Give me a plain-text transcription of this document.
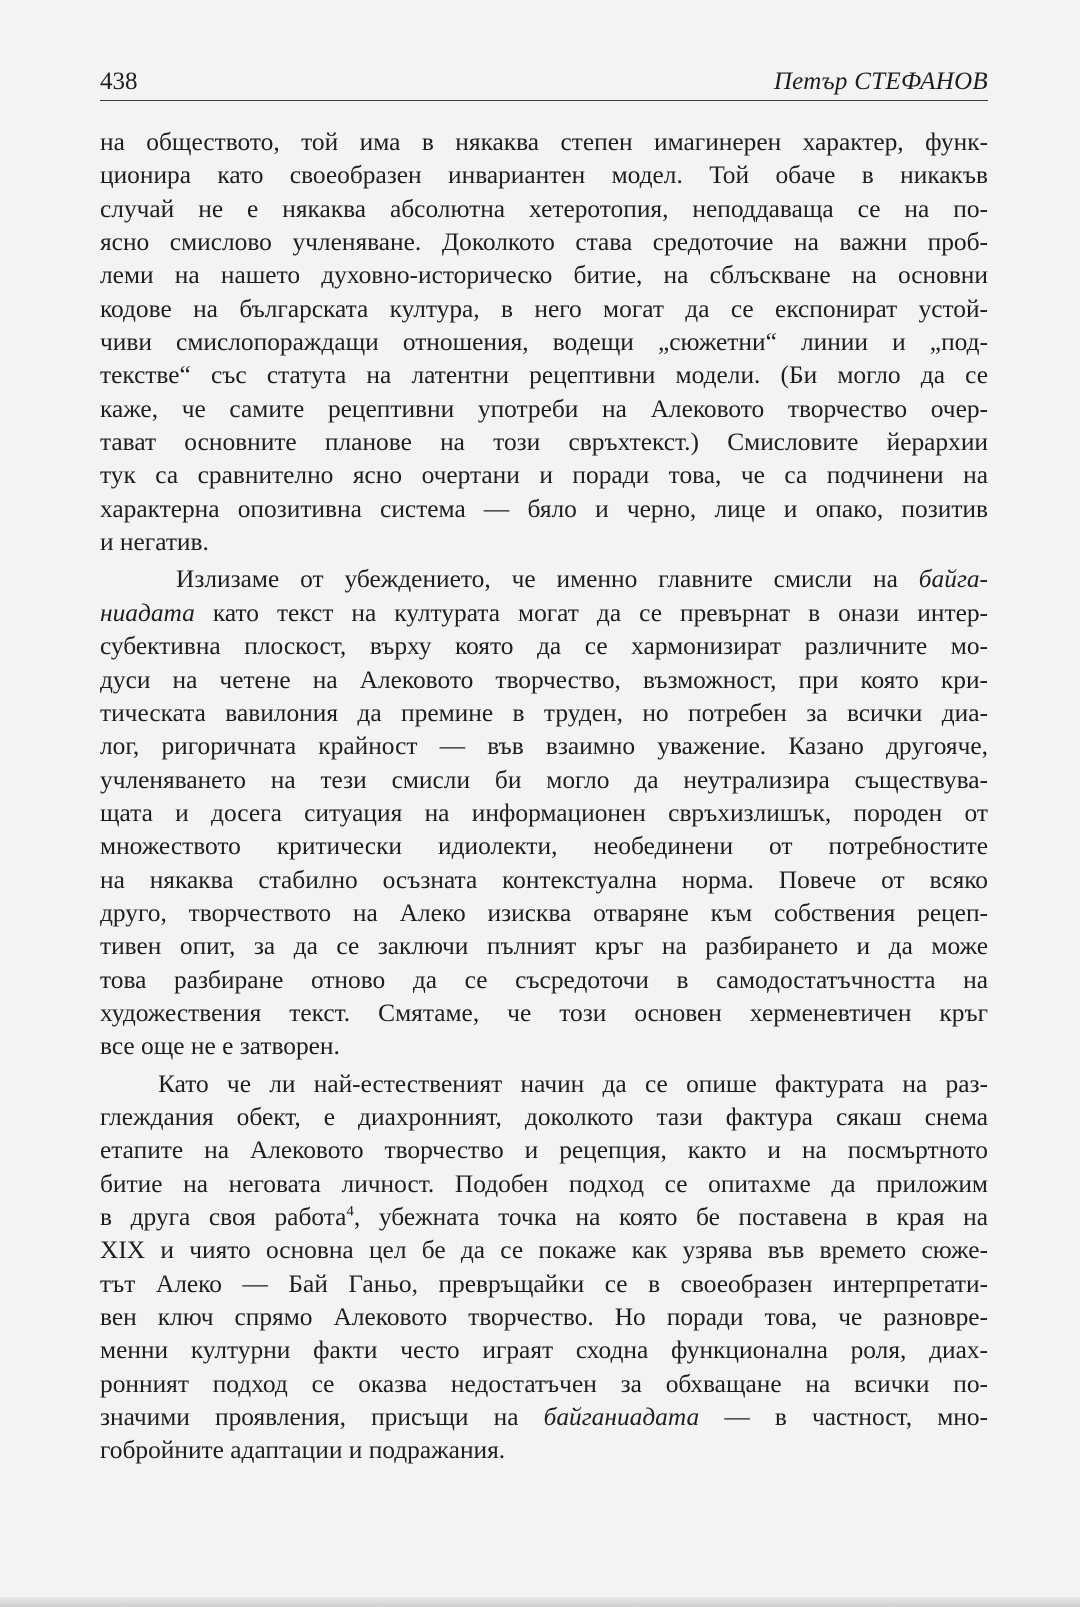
438	Петър СТЕФАНОВ
на обществото, той има в някаква степен имагинерен характер, функ-
ционира като своеобразен инвариантен модел. Той обаче в никакъв
случай не е някаква абсолютна хетеротопия, неподдаваща се на по-
ясно смислово учленяване. Доколкото става средоточие на важни проб-
леми на нашето духовно-историческо битие, на сблъскване на основни
кодове на българската култура, в него могат да се експонират устой-
чиви смислопораждащи отношения, водещи „сюжетни“ линии и „под-
текстве“ със статута на латентни рецептивни модели. (Би могло да се
каже, че самите рецептивни употреби на Алековото творчество очер-
тават основните планове на този свръхтекст.) Смисловите йерархии
тук са сравнително ясно очертани и поради това, че са подчинени на
характерна опозитивна система — бяло и черно, лице и опако, позитив
и негатив.
Излизаме от убеждението, че именно главните смисли на байга-
ниадата като текст на културата могат да се превърнат в онази интер-
субективна плоскост, върху която да се хармонизират различните мо-
дуси на четене на Алековото творчество, възможност, при която кри-
тическата вавилония да премине в труден, но потребен за всички диа-
лог, ригоричната крайност — във взаимно уважение. Казано другояче,
учленяването на тези смисли би могло да неутрализира съществува-
щата и досега ситуация на информационен свръхизлишък, породен от
множеството критически идиолекти, необединени от потребностите
на някаква стабилно осъзната контекстуална норма. Повече от всяко
друго, творчеството на Алеко изисква отваряне към собствения рецеп-
тивен опит, за да се заключи пълният кръг на разбирането и да може
това разбиране отново да се съсредоточи в самодостатъчността на
художествения текст. Смятаме, че този основен херменевтичен кръг
все още не е затворен.
Като че ли най-естественият начин да се опише фактурата на раз-
глеждания обект, е диахронният, доколкото тази фактура сякаш снема
етапите на Алековото творчество и рецепция, както и на посмъртното
битие на неговата личност. Подобен подход се опитахме да приложим
в друга своя работа$^4$, убежната точка на която бе поставена в края на
XIX и чиято основна цел бе да се покаже как узрява във времето сюже-
тът Алеко — Бай Ганьо, превръщайки се в своеобразен интерпретати-
вен ключ спрямо Алековото творчество. Но поради това, че разновре-
менни културни факти често играят сходна функционална роля, диах-
ронният подход се оказва недостатъчен за обхващане на всички по-
значими проявления, присъщи на байганиадата — в частност, мно-
гобройните адаптации и подражания.
